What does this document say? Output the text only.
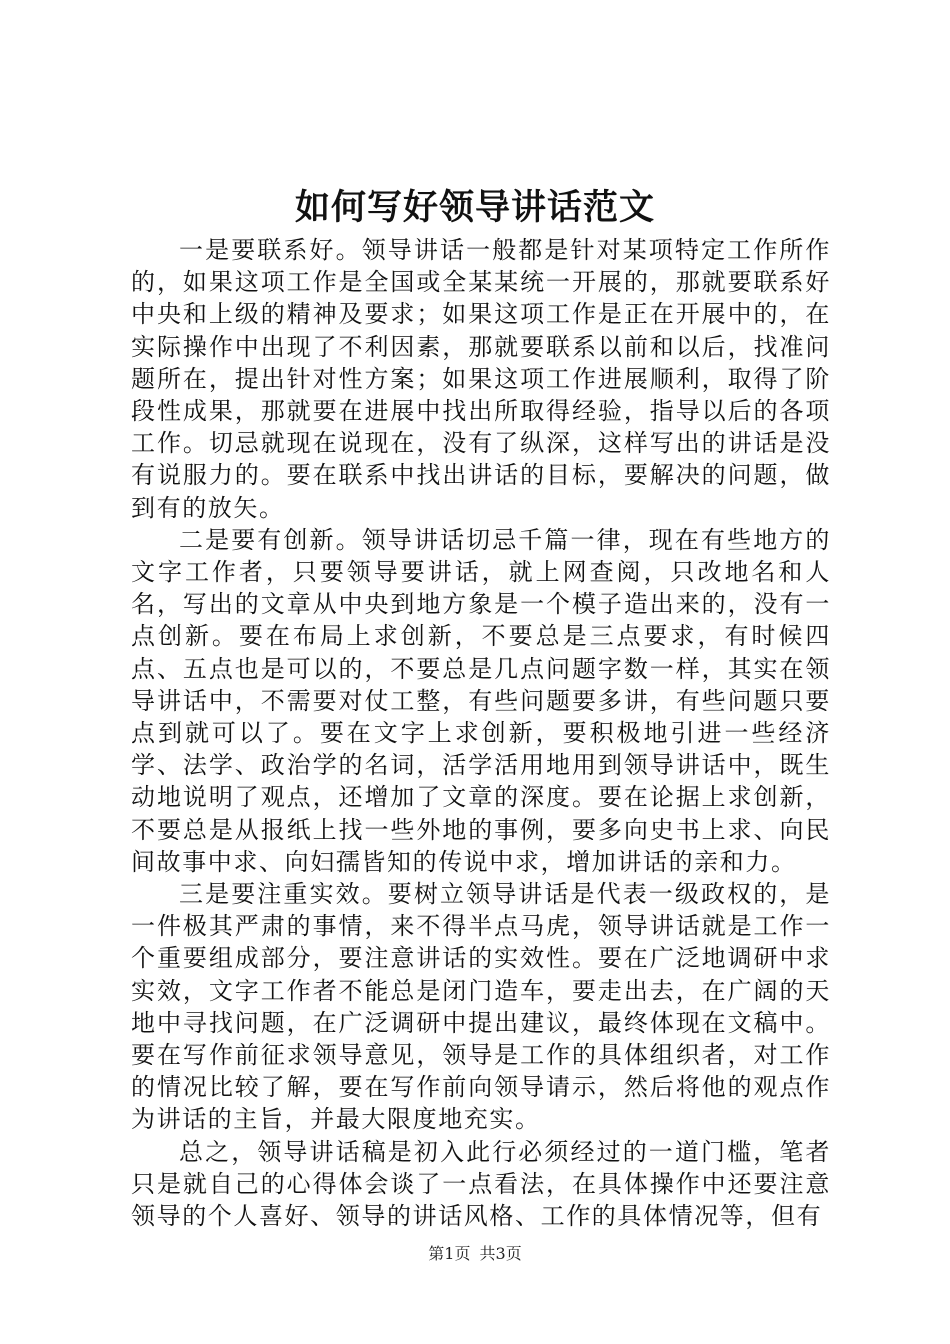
如何写好领导讲话范文

一是要联系好。领导讲话一般都是针对某项特定工作所作的，如果这项工作是全国或全某某统一开展的，那就要联系好中央和上级的精神及要求；如果这项工作是正在开展中的，在实际操作中出现了不利因素，那就要联系以前和以后，找准问题所在，提出针对性方案；如果这项工作进展顺利，取得了阶段性成果，那就要在进展中找出所取得经验，指导以后的各项工作。切忌就现在说现在，没有了纵深，这样写出的讲话是没有说服力的。要在联系中找出讲话的目标，要解决的问题，做到有的放矢。

二是要有创新。领导讲话切忌千篇一律，现在有些地方的文字工作者，只要领导要讲话，就上网查阅，只改地名和人名，写出的文章从中央到地方象是一个模子造出来的，没有一点创新。要在布局上求创新，不要总是三点要求，有时候四点、五点也是可以的，不要总是几点问题字数一样，其实在领导讲话中，不需要对仗工整，有些问题要多讲，有些问题只要点到就可以了。要在文字上求创新，要积极地引进一些经济学、法学、政治学的名词，活学活用地用到领导讲话中，既生动地说明了观点，还增加了文章的深度。要在论据上求创新，不要总是从报纸上找一些外地的事例，要多向史书上求、向民间故事中求、向妇孺皆知的传说中求，增加讲话的亲和力。

三是要注重实效。要树立领导讲话是代表一级政权的，是一件极其严肃的事情，来不得半点马虎，领导讲话就是工作一个重要组成部分，要注意讲话的实效性。要在广泛地调研中求实效，文字工作者不能总是闭门造车，要走出去，在广阔的天地中寻找问题，在广泛调研中提出建议，最终体现在文稿中。要在写作前征求领导意见，领导是工作的具体组织者，对工作的情况比较了解，要在写作前向领导请示，然后将他的观点作为讲话的主旨，并最大限度地充实。

总之，领导讲话稿是初入此行必须经过的一道门槛，笔者只是就自己的心得体会谈了一点看法，在具体操作中还要注意领导的个人喜好、领导的讲话风格、工作的具体情况等，但有

第1页 共3页
